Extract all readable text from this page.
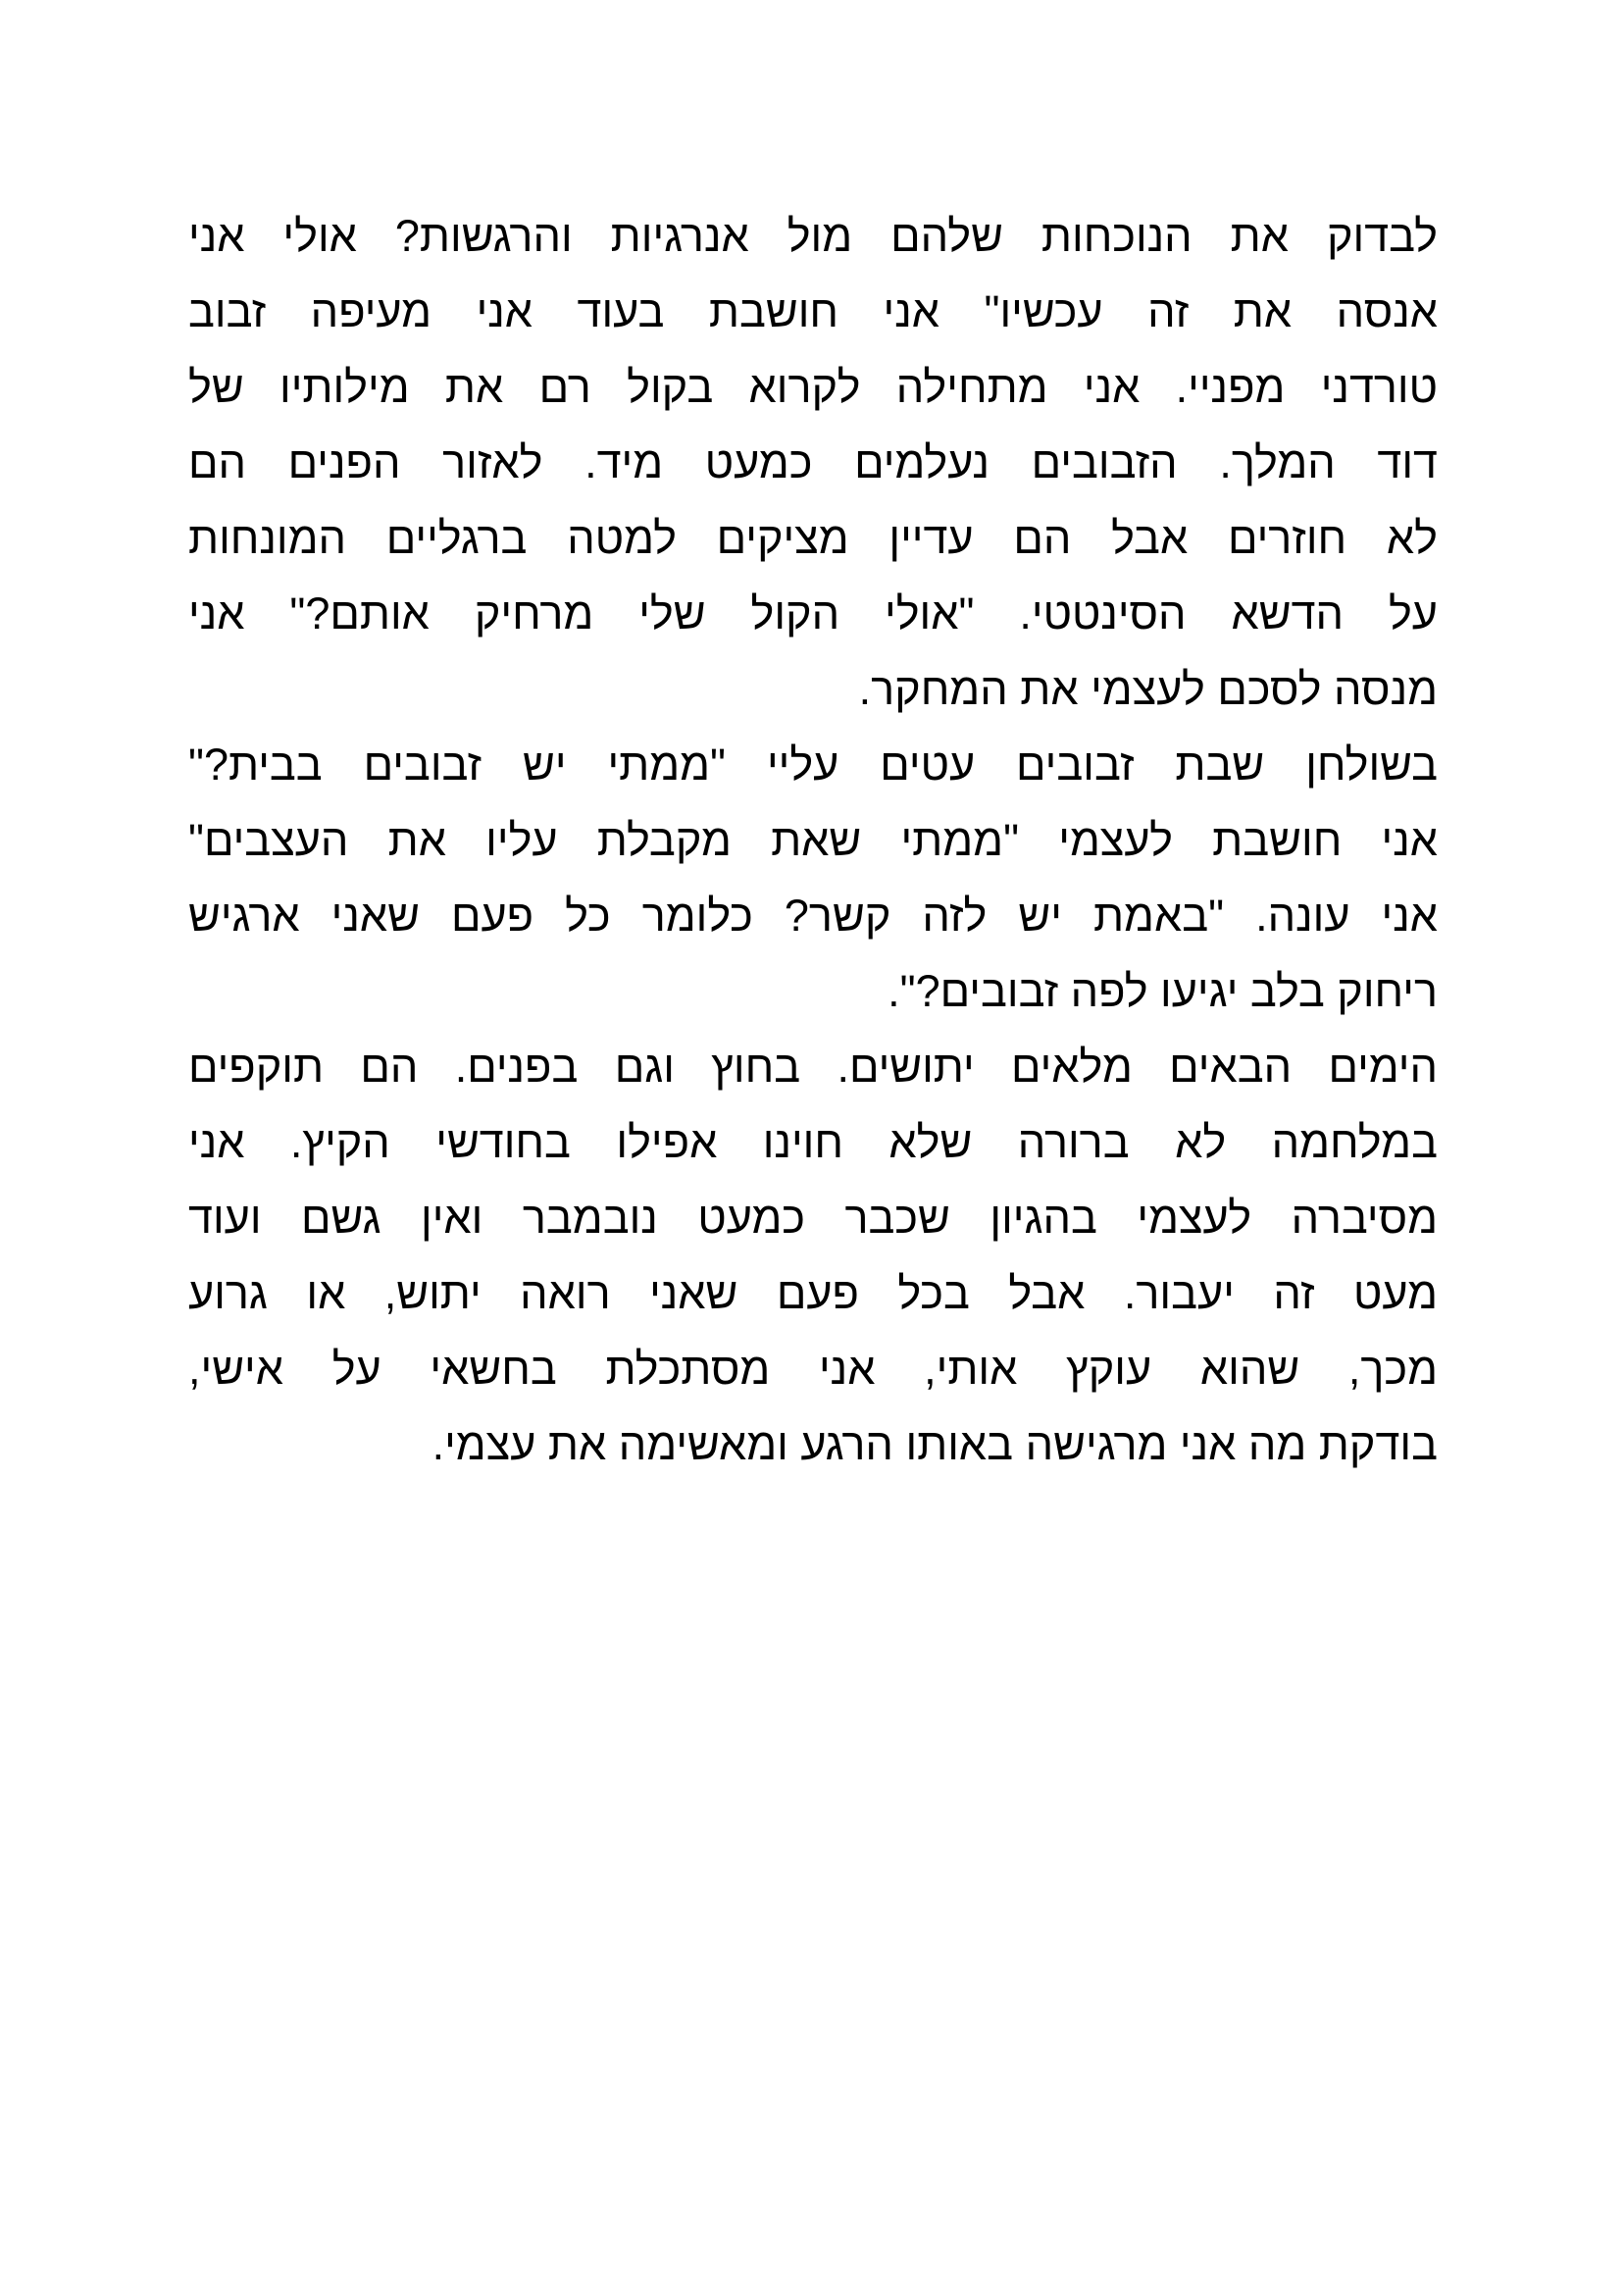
לבדוק את הנוכחות שלהם מול אנרגיות והרגשות? אולי אני
אנסה את זה עכשיו" אני חושבת בעוד אני מעיפה זבוב
טורדני מפניי. אני מתחילה לקרוא בקול רם את מילותיו של
דוד המלך. הזבובים נעלמים כמעט מיד. לאזור הפנים הם
לא חוזרים אבל הם עדיין מציקים למטה ברגליים המונחות
על הדשא הסינטטי. "אולי הקול שלי מרחיק אותם?" אני
מנסה לסכם לעצמי את המחקר.

בשולחן שבת זבובים עטים עליי "ממתי יש זבובים בבית?"
אני חושבת לעצמי "ממתי שאת מקבלת עליו את העצבים"
אני עונה. "באמת יש לזה קשר? כלומר כל פעם שאני ארגיש
ריחוק בלב יגיעו לפה זבובים?".

הימים הבאים מלאים יתושים. בחוץ וגם בפנים. הם תוקפים
במלחמה לא ברורה שלא חוינו אפילו בחודשי הקיץ. אני
מסיברה לעצמי בהגיון שכבר כמעט נובמבר ואין גשם ועוד
מעט זה יעבור. אבל בכל פעם שאני רואה יתוש, או גרוע
מכך, שהוא עוקץ אותי, אני מסתכלת בחשאי על אישי,
בודקת מה אני מרגישה באותו הרגע ומאשימה את עצמי.
